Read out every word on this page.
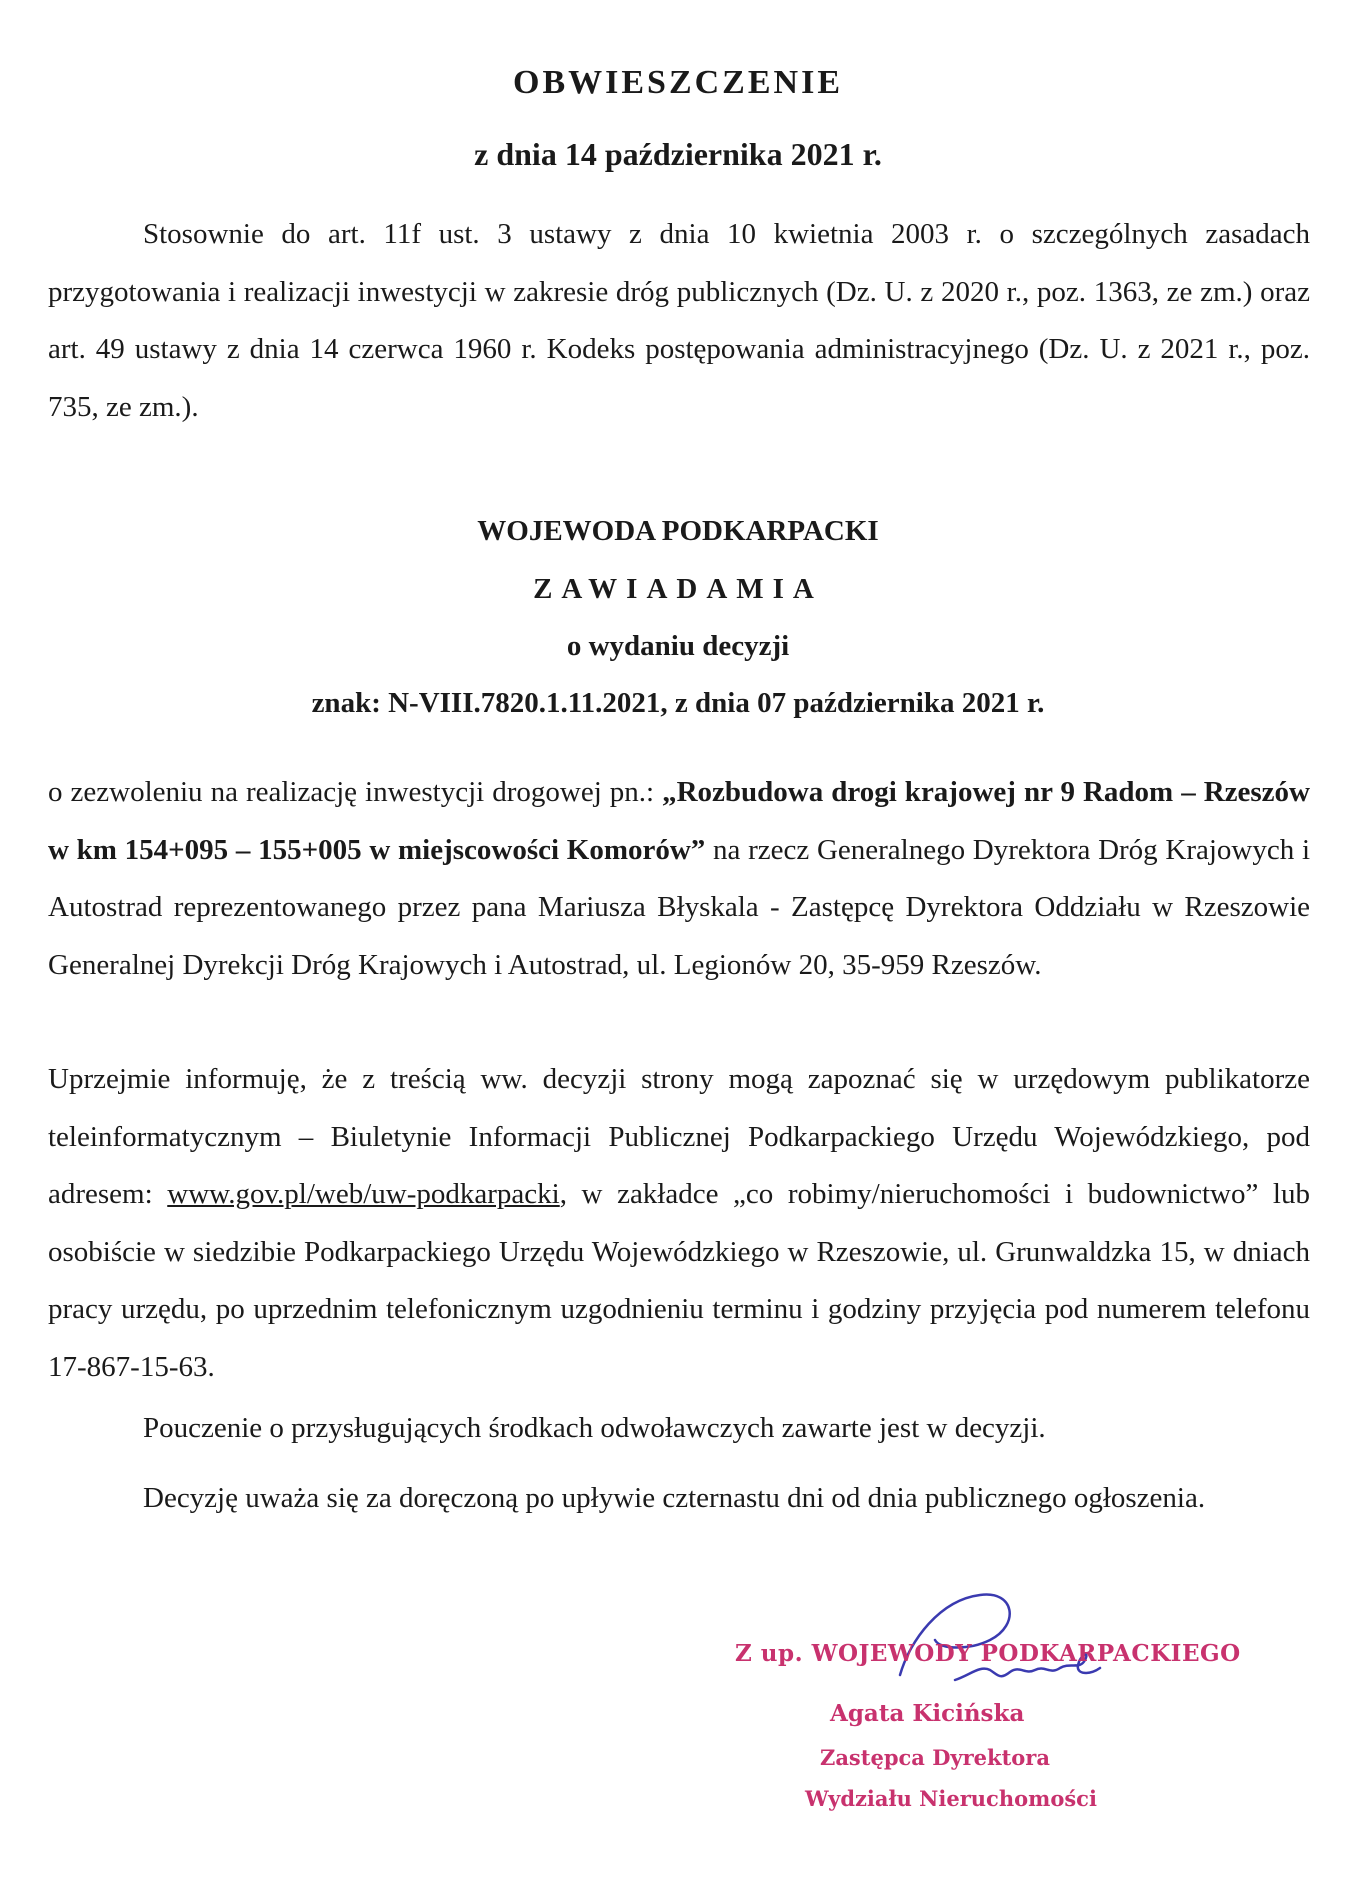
OBWIESZCZENIE
z dnia 14 października 2021 r.
Stosownie do art. 11f ust. 3 ustawy z dnia 10 kwietnia 2003 r. o szczególnych zasadach przygotowania i realizacji inwestycji w zakresie dróg publicznych (Dz. U. z 2020 r., poz. 1363, ze zm.) oraz art. 49 ustawy z dnia 14 czerwca 1960 r. Kodeks postępowania administracyjnego (Dz. U. z 2021 r., poz. 735, ze zm.).
WOJEWODA PODKARPACKI
ZAWIADAMIA
o wydaniu decyzji
znak: N-VIII.7820.1.11.2021, z dnia 07 października 2021 r.
o zezwoleniu na realizację inwestycji drogowej pn.: „Rozbudowa drogi krajowej nr 9 Radom – Rzeszów w km 154+095 – 155+005 w miejscowości Komorów” na rzecz Generalnego Dyrektora Dróg Krajowych i Autostrad reprezentowanego przez pana Mariusza Błyskala - Zastępcę Dyrektora Oddziału w Rzeszowie Generalnej Dyrekcji Dróg Krajowych i Autostrad, ul. Legionów 20, 35-959 Rzeszów.
Uprzejmie informuję, że z treścią ww. decyzji strony mogą zapoznać się w urzędowym publikatorze teleinformatycznym – Biuletynie Informacji Publicznej Podkarpackiego Urzędu Wojewódzkiego, pod adresem: www.gov.pl/web/uw-podkarpacki, w zakładce „co robimy/nieruchomości i budownictwo” lub osobiście w siedzibie Podkarpackiego Urzędu Wojewódzkiego w Rzeszowie, ul. Grunwaldzka 15, w dniach pracy urzędu, po uprzednim telefonicznym uzgodnieniu terminu i godziny przyjęcia pod numerem telefonu 17-867-15-63.
Pouczenie o przysługujących środkach odwoławczych zawarte jest w decyzji.
Decyzję uważa się za doręczoną po upływie czternastu dni od dnia publicznego ogłoszenia.
Z up. WOJEWODY PODKARPACKIEGO
Agata Kicińska
Zastępca Dyrektora
Wydziału Nieruchomości
